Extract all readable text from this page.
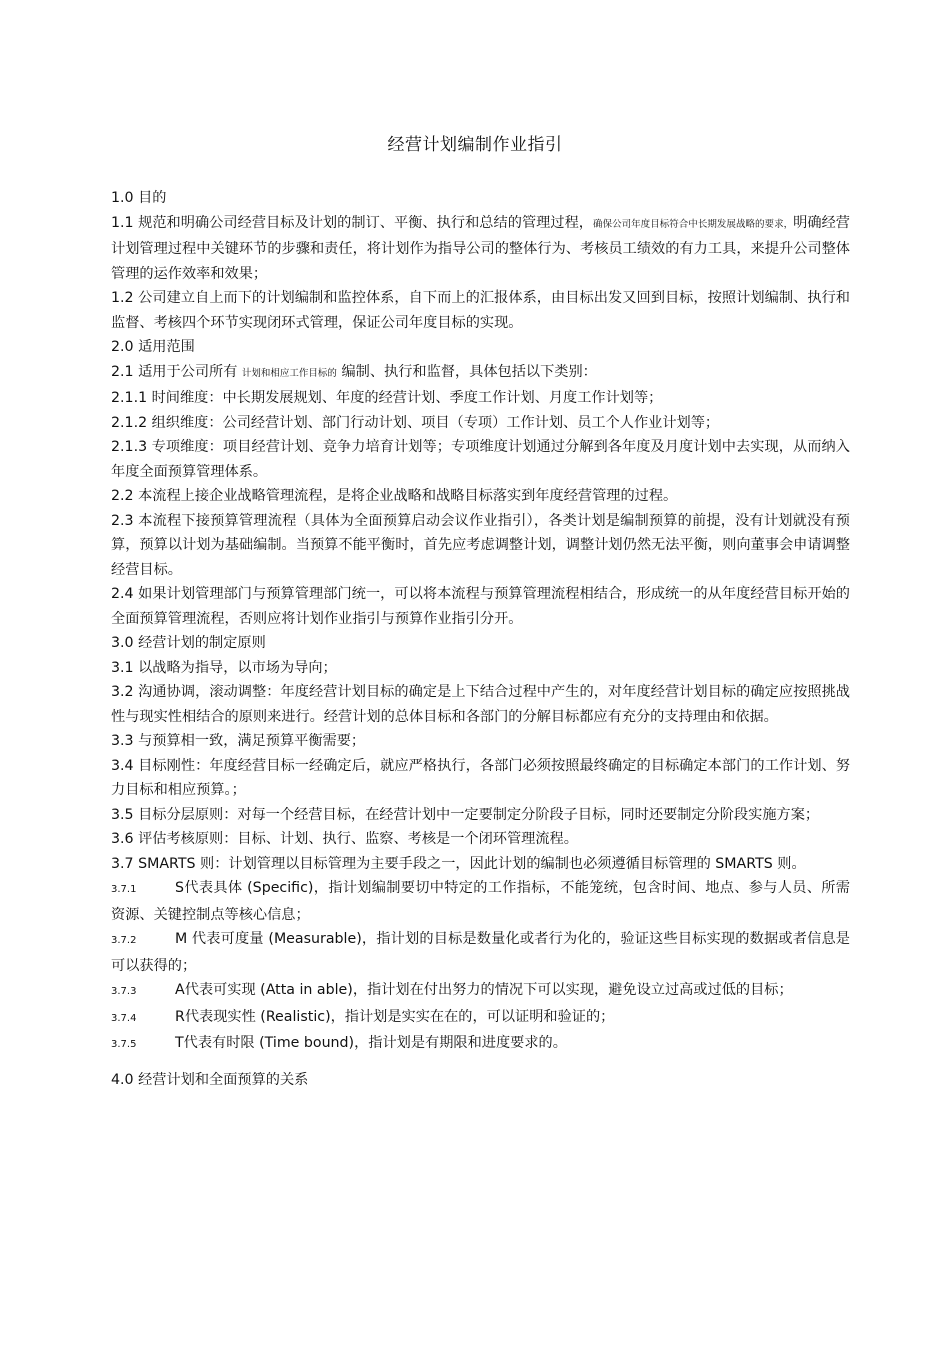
经营计划编制作业指引

1.0 目的

1.1 规范和明确公司经营目标及计划的制订、平衡、执行和总结的管理过程，确保公司年度目标符合中长期发展战略的要求，明确经营计划管理过程中关键环节的步骤和责任，将计划作为指导公司的整体行为、考核员工绩效的有力工具，来提升公司整体管理的运作效率和效果；

1.2 公司建立自上而下的计划编制和监控体系，自下而上的汇报体系，由目标出发又回到目标，按照计划编制、执行和监督、考核四个环节实现闭环式管理，保证公司年度目标的实现。

2.0 适用范围

2.1 适用于公司所有 计划和相应工作目标的 编制、执行和监督，具体包括以下类别：

2.1.1 时间维度：中长期发展规划、年度的经营计划、季度工作计划、月度工作计划等；

2.1.2 组织维度：公司经营计划、部门行动计划、项目（专项）工作计划、员工个人作业计划等；

2.1.3 专项维度：项目经营计划、竞争力培育计划等；专项维度计划通过分解到各年度及月度计划中去实现，从而纳入年度全面预算管理体系。

2.2 本流程上接企业战略管理流程，是将企业战略和战略目标落实到年度经营管理的过程。

2.3 本流程下接预算管理流程（具体为全面预算启动会议作业指引），各类计划是编制预算的前提，没有计划就没有预算，预算以计划为基础编制。当预算不能平衡时，首先应考虑调整计划，调整计划仍然无法平衡，则向董事会申请调整经营目标。

2.4 如果计划管理部门与预算管理部门统一，可以将本流程与预算管理流程相结合，形成统一的从年度经营目标开始的全面预算管理流程，否则应将计划作业指引与预算作业指引分开。

3.0 经营计划的制定原则

3.1 以战略为指导，以市场为导向；

3.2 沟通协调，滚动调整：年度经营计划目标的确定是上下结合过程中产生的，对年度经营计划目标的确定应按照挑战性与现实性相结合的原则来进行。经营计划的总体目标和各部门的分解目标都应有充分的支持理由和依据。

3.3 与预算相一致，满足预算平衡需要；

3.4 目标刚性：年度经营目标一经确定后，就应严格执行，各部门必须按照最终确定的目标确定本部门的工作计划、努力目标和相应预算。；

3.5 目标分层原则：对每一个经营目标，在经营计划中一定要制定分阶段子目标，同时还要制定分阶段实施方案；

3.6 评估考核原则：目标、计划、执行、监察、考核是一个闭环管理流程。

3.7 SMARTS 则：计划管理以目标管理为主要手段之一，因此计划的编制也必须遵循目标管理的 SMARTS 则。

3.7.1	S代表具体 (Specific)，指计划编制要切中特定的工作指标，不能笼统，包含时间、地点、参与人员、所需资源、关键控制点等核心信息；

3.7.2	M 代表可度量 (Measurable)，指计划的目标是数量化或者行为化的，验证这些目标实现的数据或者信息是可以获得的；

3.7.3	A代表可实现 (Atta in able)，指计划在付出努力的情况下可以实现，避免设立过高或过低的目标；

3.7.4	R代表现实性 (Realistic)，指计划是实实在在的，可以证明和验证的；

3.7.5	T代表有时限 (Time bound)，指计划是有期限和进度要求的。

4.0 经营计划和全面预算的关系
